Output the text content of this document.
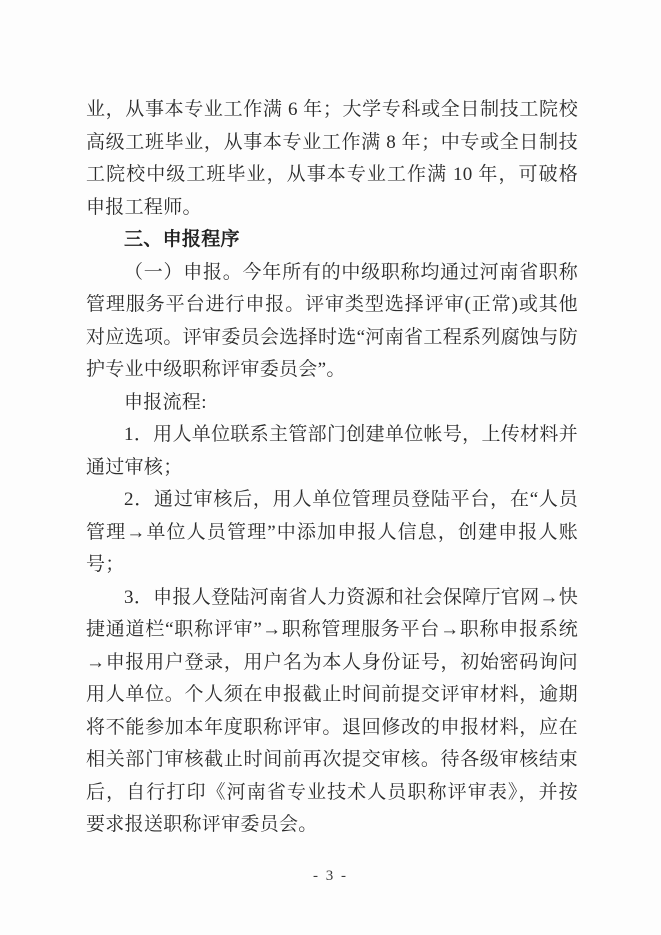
业，从事本专业工作满 6 年；大学专科或全日制技工院校高级工班毕业，从事本专业工作满 8 年；中专或全日制技工院校中级工班毕业，从事本专业工作满 10 年，可破格申报工程师。

三、申报程序

（一）申报。今年所有的中级职称均通过河南省职称管理服务平台进行申报。评审类型选择评审(正常)或其他对应选项。评审委员会选择时选“河南省工程系列腐蚀与防护专业中级职称评审委员会”。

申报流程:

1．用人单位联系主管部门创建单位帐号，上传材料并通过审核；

2．通过审核后，用人单位管理员登陆平台，在“人员管理→单位人员管理”中添加申报人信息，创建申报人账号；

3．申报人登陆河南省人力资源和社会保障厅官网→快捷通道栏“职称评审”→职称管理服务平台→职称申报系统→申报用户登录，用户名为本人身份证号，初始密码询问用人单位。个人须在申报截止时间前提交评审材料，逾期将不能参加本年度职称评审。退回修改的申报材料，应在相关部门审核截止时间前再次提交审核。待各级审核结束后，自行打印《河南省专业技术人员职称评审表》，并按要求报送职称评审委员会。

- 3 -
